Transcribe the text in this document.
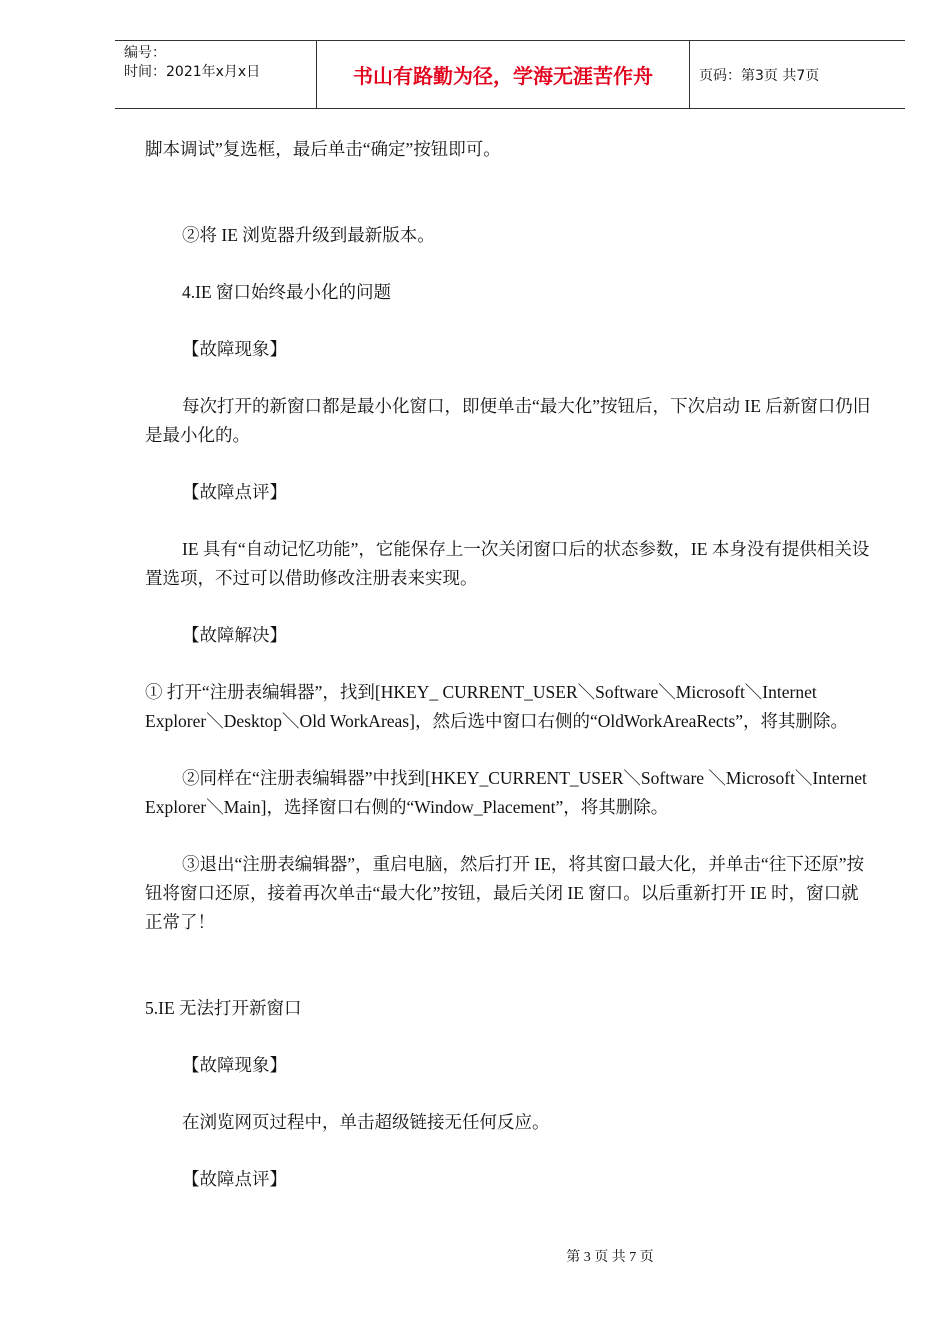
编号：
时间：2021年x月x日	书山有路勤为径，学海无涯苦作舟	页码：第3页 共7页

脚本调试”复选框，最后单击“确定”按钮即可。

②将 IE 浏览器升级到最新版本。

4.IE 窗口始终最小化的问题

【故障现象】

每次打开的新窗口都是最小化窗口，即便单击“最大化”按钮后，下次启动 IE 后新窗口仍旧是最小化的。

【故障点评】

IE 具有“自动记忆功能”，它能保存上一次关闭窗口后的状态参数，IE 本身没有提供相关设置选项，不过可以借助修改注册表来实现。

【故障解决】

① 打开“注册表编辑器”，找到[HKEY_ CURRENT_USER＼Software＼Microsoft＼Internet Explorer＼Desktop＼Old WorkAreas]，然后选中窗口右侧的“OldWorkAreaRects”，将其删除。

②同样在“注册表编辑器”中找到[HKEY_CURRENT_USER＼Software ＼Microsoft＼Internet Explorer＼Main]，选择窗口右侧的“Window_Placement”，将其删除。

③退出“注册表编辑器”，重启电脑，然后打开 IE，将其窗口最大化，并单击“往下还原”按钮将窗口还原，接着再次单击“最大化”按钮，最后关闭 IE 窗口。以后重新打开 IE 时，窗口就正常了！

5.IE 无法打开新窗口

【故障现象】

在浏览网页过程中，单击超级链接无任何反应。

【故障点评】

第 3 页 共 7 页
